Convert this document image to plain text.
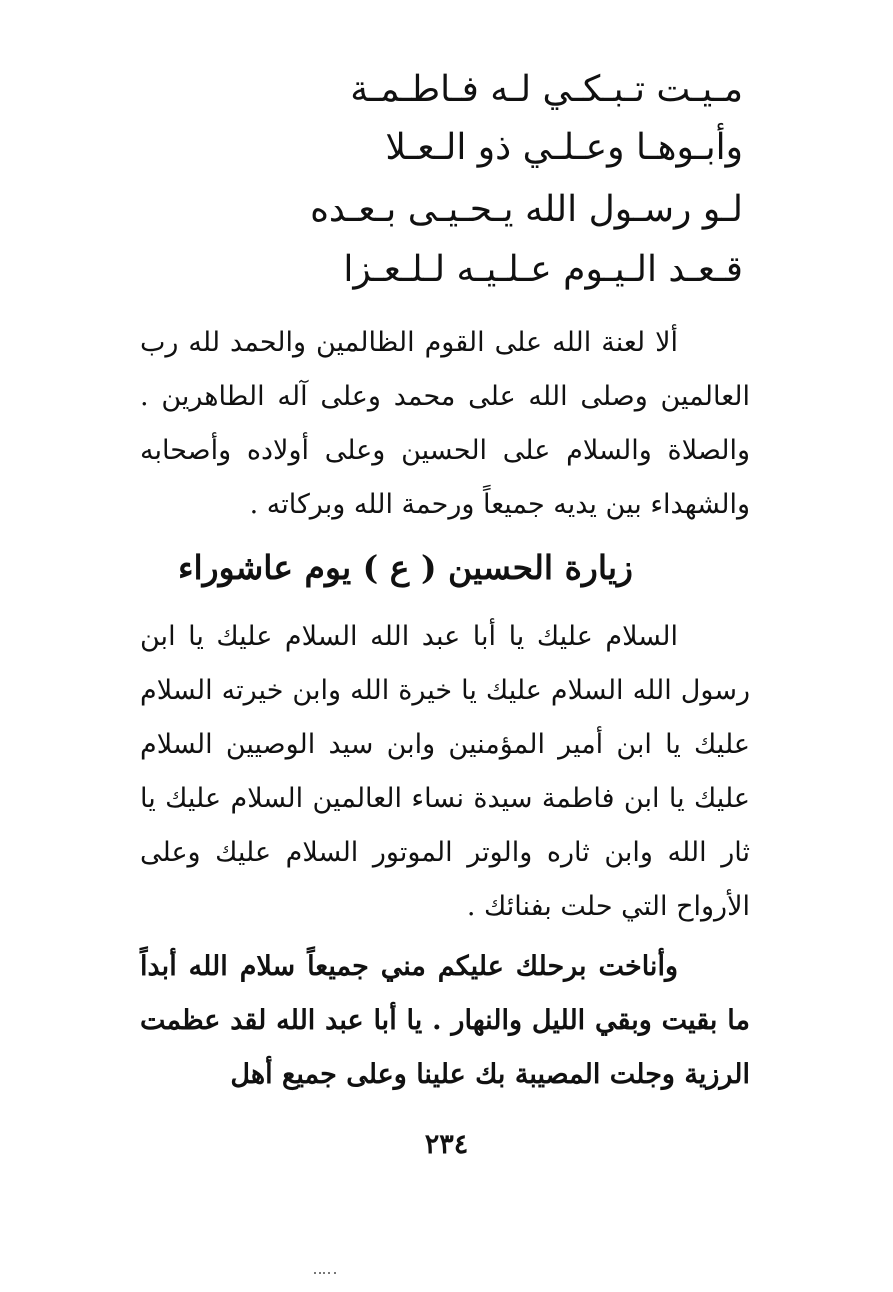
مـيـت تـبـكـي لـه فـاطـمـة
وأبـوهـا وعـلـي ذو الـعـلا
لـو رسـول الله يـحـيـى بـعـده
قـعـد الـيـوم عـلـيـه لـلـعـزا

ألا لعنة الله على القوم الظالمين والحمد لله رب العالمين وصلى الله على محمد وعلى آله الطاهرين . والصلاة والسلام على الحسين وعلى أولاده وأصحابه والشهداء بين يديه جميعاً ورحمة الله وبركاته .

زيارة الحسين ( ع ) يوم عاشوراء

السلام عليك يا أبا عبد الله السلام عليك يا ابن رسول الله السلام عليك يا خيرة الله وابن خيرته السلام عليك يا ابن أمير المؤمنين وابن سيد الوصيين السلام عليك يا ابن فاطمة سيدة نساء العالمين السلام عليك يا ثار الله وابن ثاره والوتر الموتور السلام عليك وعلى الأرواح التي حلت بفنائك .

وأناخت برحلك عليكم مني جميعاً سلام الله أبداً ما بقيت وبقي الليل والنهار . يا أبا عبد الله لقد عظمت الرزية وجلت المصيبة بك علينا وعلى جميع أهل

٢٣٤
